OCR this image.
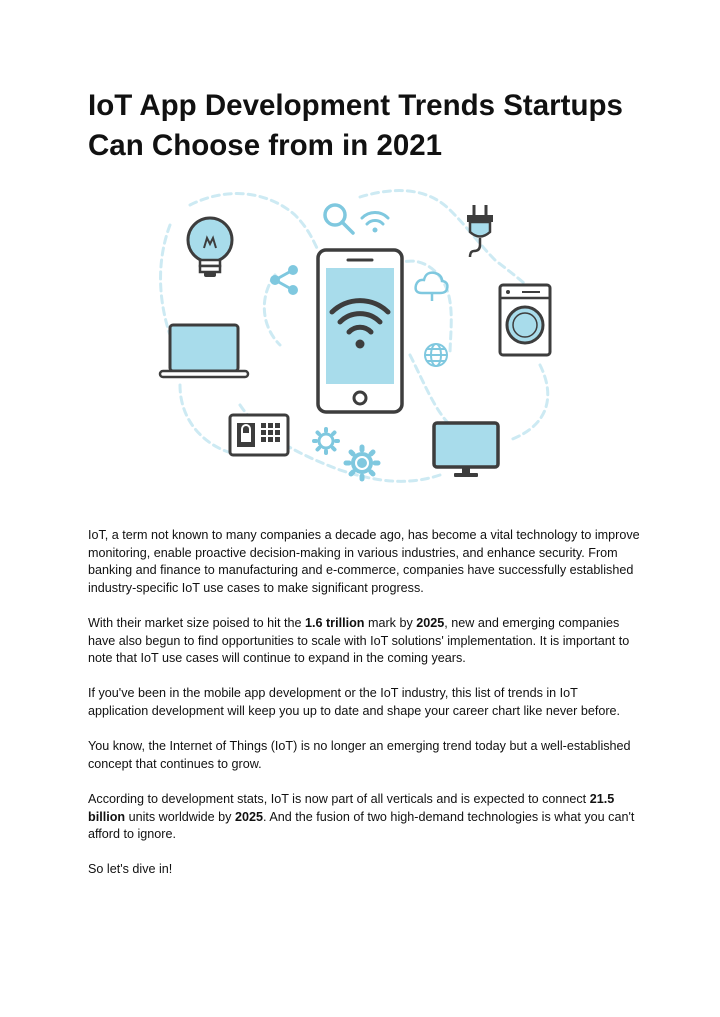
IoT App Development Trends Startups Can Choose from in 2021

IoT, a term not known to many companies a decade ago, has become a vital technology to improve monitoring, enable proactive decision-making in various industries, and enhance security. From banking and finance to manufacturing and e-commerce, companies have successfully established industry-specific IoT use cases to make significant progress.

With their market size poised to hit the 1.6 trillion mark by 2025, new and emerging companies have also begun to find opportunities to scale with IoT solutions' implementation. It is important to note that IoT use cases will continue to expand in the coming years.

If you've been in the mobile app development or the IoT industry, this list of trends in IoT application development will keep you up to date and shape your career chart like never before.

You know, the Internet of Things (IoT) is no longer an emerging trend today but a well-established concept that continues to grow.

According to development stats, IoT is now part of all verticals and is expected to connect 21.5 billion units worldwide by 2025. And the fusion of two high-demand technologies is what you can't afford to ignore.

So let's dive in!
